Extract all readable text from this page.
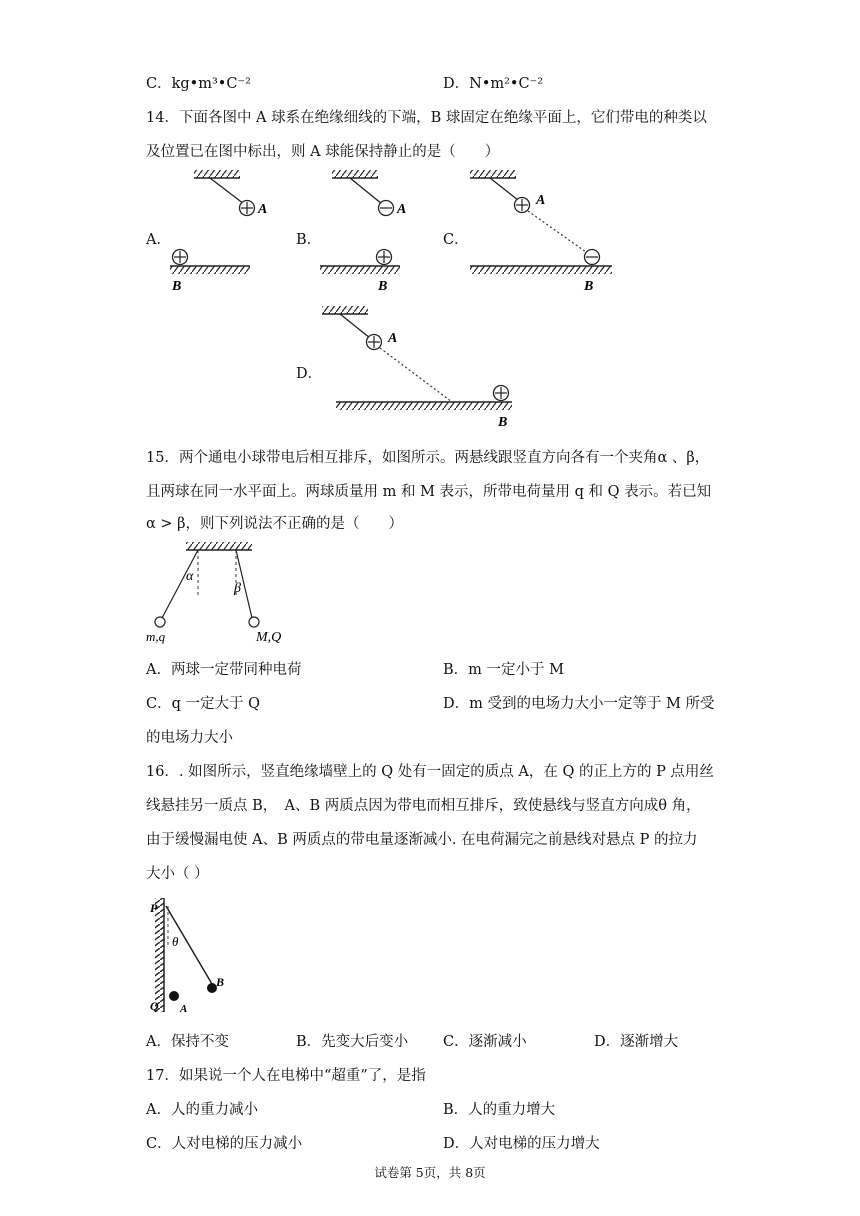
C．kg•m³•C⁻²	D．N•m²•C⁻²
14．下面各图中 A 球系在绝缘细线的下端，B 球固定在绝缘平面上，它们带电的种类以
及位置已在图中标出，则 A 球能保持静止的是（　　）
A．	B．	C．
D．
A
B
A
B
A
B
A
B
α
β
m,q	M,Q
P
θ
B
Q A
15．两个通电小球带电后相互排斥，如图所示。两悬线跟竖直方向各有一个夹角α 、β，
且两球在同一水平面上。两球质量用 m 和 M 表示，所带电荷量用 q 和 Q 表示。若已知
α > β，则下列说法不正确的是（　　）
A．两球一定带同种电荷	B．m 一定小于 M
C．q 一定大于 Q	D．m 受到的电场力大小一定等于 M 所受
的电场力大小
16．. 如图所示，竖直绝缘墙壁上的 Q 处有一固定的质点 A，在 Q 的正上方的 P 点用丝
线悬挂另一质点 B，　A、B 两质点因为带电而相互排斥，致使悬线与竖直方向成θ 角，
由于缓慢漏电使 A、B 两质点的带电量逐渐减小. 在电荷漏完之前悬线对悬点 P 的拉力
大小（ ）
A．保持不变	B．先变大后变小 C．逐渐减小	D．逐渐增大
17．如果说一个人在电梯中“超重”了，是指
A．人的重力减小	B．人的重力增大
C．人对电梯的压力减小	D．人对电梯的压力增大
试卷第 5页，共 8页
